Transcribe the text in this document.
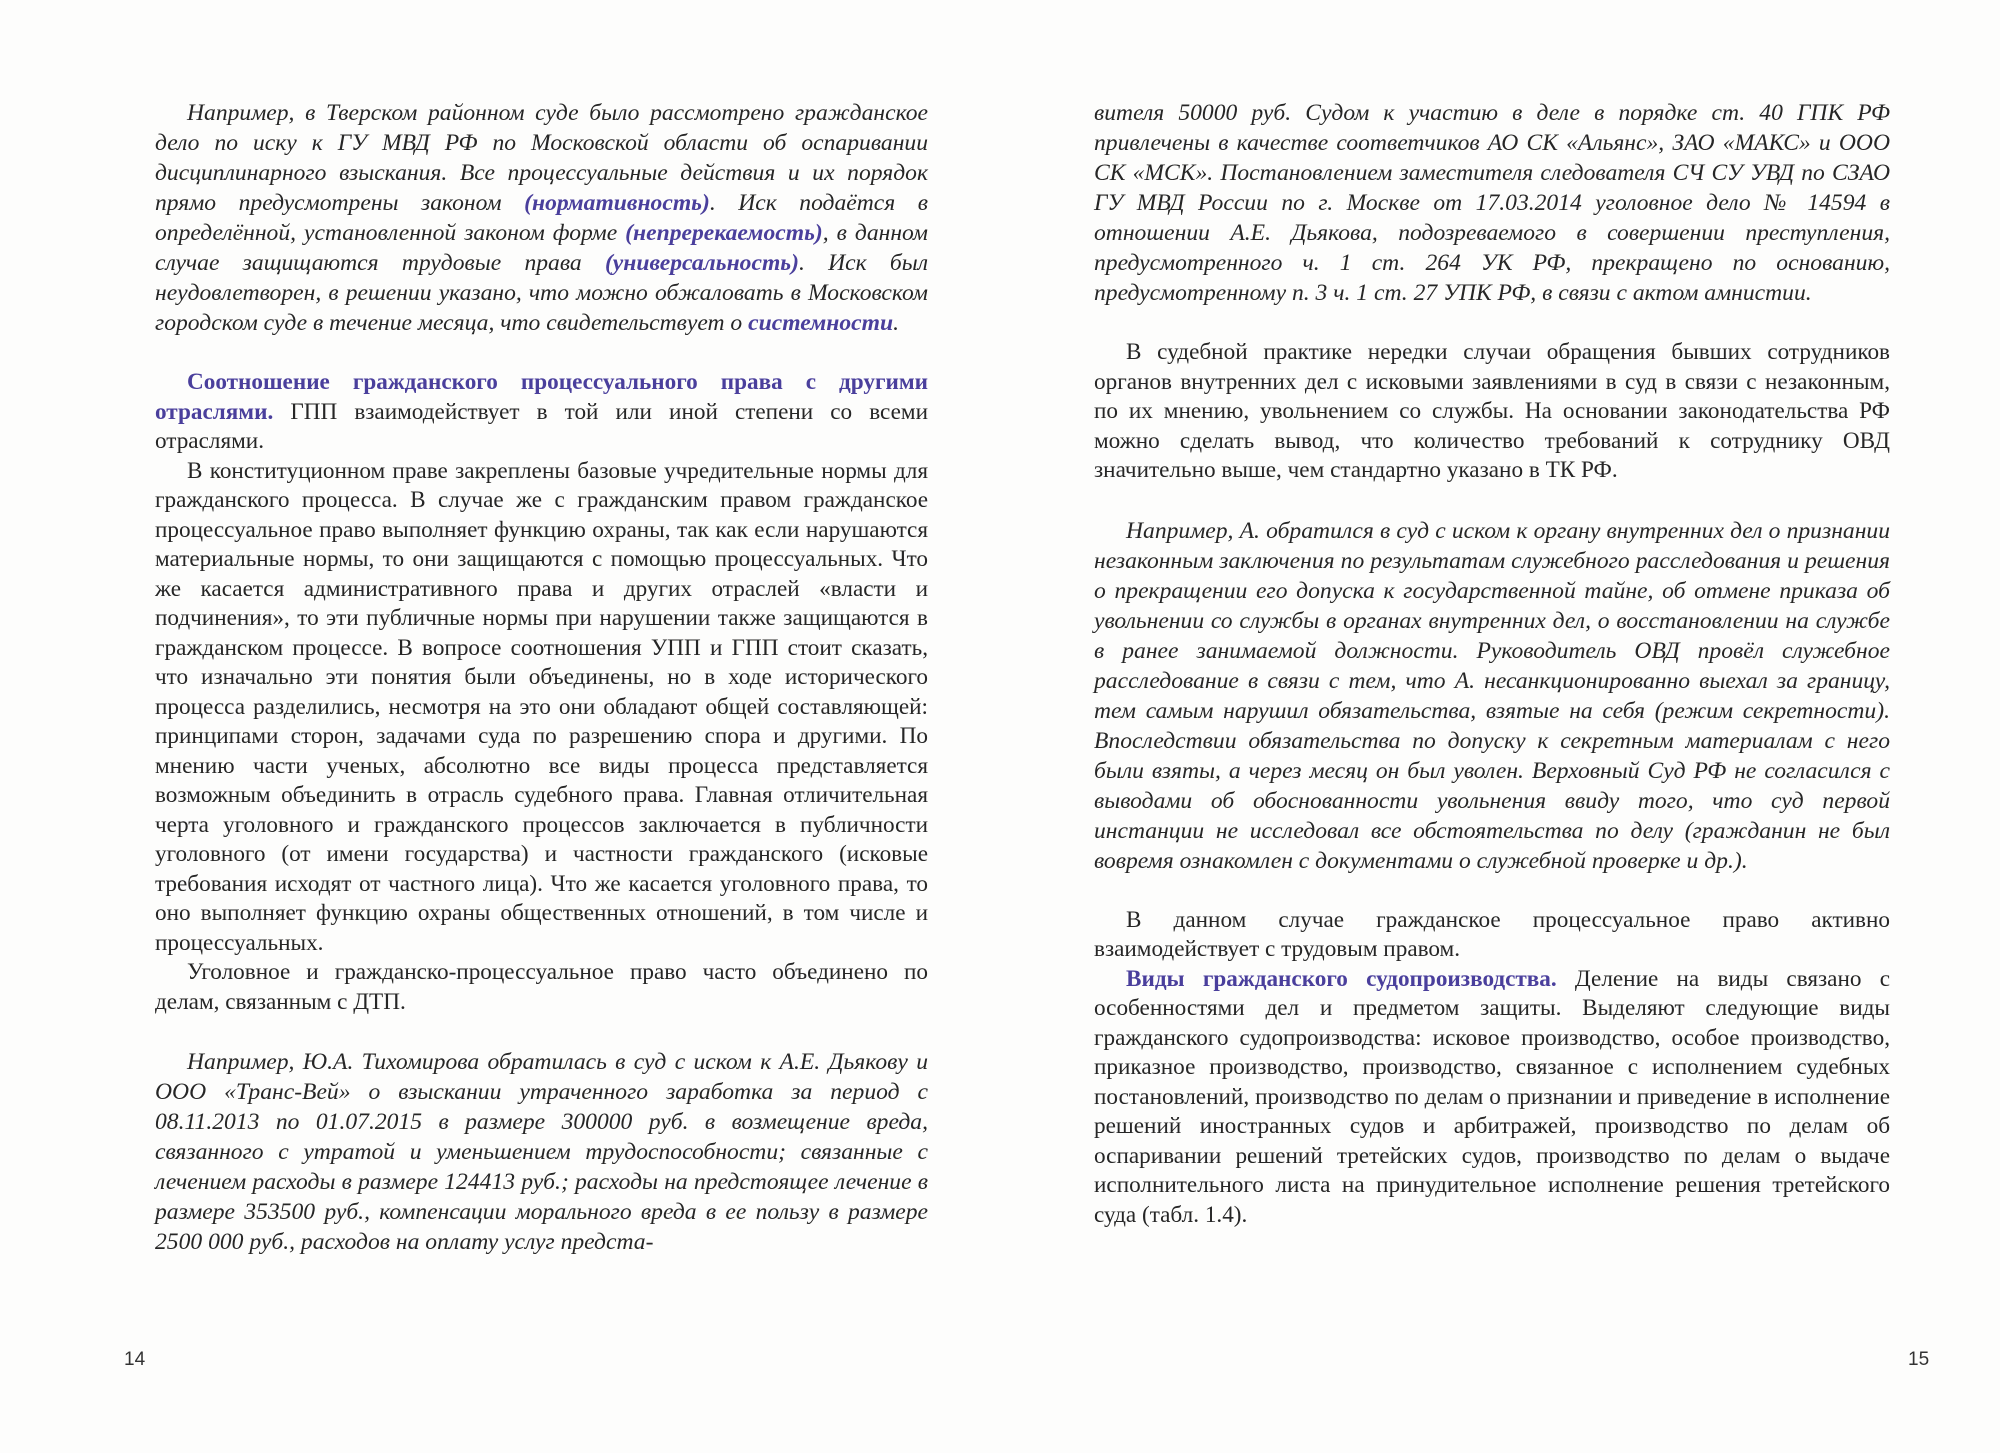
Например, в Тверском районном суде было рассмотрено гражданское дело по иску к ГУ МВД РФ по Московской области об оспаривании дисциплинарного взыскания. Все процессуальные действия и их порядок прямо предусмотрены законом (нормативность). Иск подаётся в определённой, установленной законом форме (непререкаемость), в данном случае защищаются трудовые права (универсальность). Иск был неудовлетворен, в решении указано, что можно обжаловать в Московском городском суде в течение месяца, что свидетельствует о системности.

Соотношение гражданского процессуального права с другими отраслями. ГПП взаимодействует в той или иной степени со всеми отраслями.

В конституционном праве закреплены базовые учредительные нормы для гражданского процесса. В случае же с гражданским правом гражданское процессуальное право выполняет функцию охраны, так как если нарушаются материальные нормы, то они защищаются с помощью процессуальных. Что же касается административного права и других отраслей «власти и подчинения», то эти публичные нормы при нарушении также защищаются в гражданском процессе. В вопросе соотношения УПП и ГПП стоит сказать, что изначально эти понятия были объединены, но в ходе исторического процесса разделились, несмотря на это они обладают общей составляющей: принципами сторон, задачами суда по разрешению спора и другими. По мнению части ученых, абсолютно все виды процесса представляется возможным объединить в отрасль судебного права. Главная отличительная черта уголовного и гражданского процессов заключается в публичности уголовного (от имени государства) и частности гражданского (исковые требования исходят от частного лица). Что же касается уголовного права, то оно выполняет функцию охраны общественных отношений, в том числе и процессуальных.

Уголовное и гражданско-процессуальное право часто объединено по делам, связанным с ДТП.

Например, Ю.А. Тихомирова обратилась в суд с иском к А.Е. Дьякову и ООО «Транс-Вей» о взыскании утраченного заработка за период с 08.11.2013 по 01.07.2015 в размере 300000 руб. в возмещение вреда, связанного с утратой и уменьшением трудоспособности; связанные с лечением расходы в размере 124413 руб.; расходы на предстоящее лечение в размере 353500 руб., компенсации морального вреда в ее пользу в размере 2500 000 руб., расходов на оплату услуг предста-

14

вителя 50000 руб. Судом к участию в деле в порядке ст. 40 ГПК РФ привлечены в качестве соответчиков АО СК «Альянс», ЗАО «МАКС» и ООО СК «МСК». Постановлением заместителя следователя СЧ СУ УВД по СЗАО ГУ МВД России по г. Москве от 17.03.2014 уголовное дело № 14594 в отношении А.Е. Дьякова, подозреваемого в совершении преступления, предусмотренного ч. 1 ст. 264 УК РФ, прекращено по основанию, предусмотренному п. 3 ч. 1 ст. 27 УПК РФ, в связи с актом амнистии.

В судебной практике нередки случаи обращения бывших сотрудников органов внутренних дел с исковыми заявлениями в суд в связи с незаконным, по их мнению, увольнением со службы. На основании законодательства РФ можно сделать вывод, что количество требований к сотруднику ОВД значительно выше, чем стандартно указано в ТК РФ.

Например, А. обратился в суд с иском к органу внутренних дел о признании незаконным заключения по результатам служебного расследования и решения о прекращении его допуска к государственной тайне, об отмене приказа об увольнении со службы в органах внутренних дел, о восстановлении на службе в ранее занимаемой должности. Руководитель ОВД провёл служебное расследование в связи с тем, что А. несанкционированно выехал за границу, тем самым нарушил обязательства, взятые на себя (режим секретности). Впоследствии обязательства по допуску к секретным материалам с него были взяты, а через месяц он был уволен. Верховный Суд РФ не согласился с выводами об обоснованности увольнения ввиду того, что суд первой инстанции не исследовал все обстоятельства по делу (гражданин не был вовремя ознакомлен с документами о служебной проверке и др.).

В данном случае гражданское процессуальное право активно взаимодействует с трудовым правом.

Виды гражданского судопроизводства. Деление на виды связано с особенностями дел и предметом защиты. Выделяют следующие виды гражданского судопроизводства: исковое производство, особое производство, приказное производство, производство, связанное с исполнением судебных постановлений, производство по делам о признании и приведение в исполнение решений иностранных судов и арбитражей, производство по делам об оспаривании решений третейских судов, производство по делам о выдаче исполнительного листа на принудительное исполнение решения третейского суда (табл. 1.4).

15
